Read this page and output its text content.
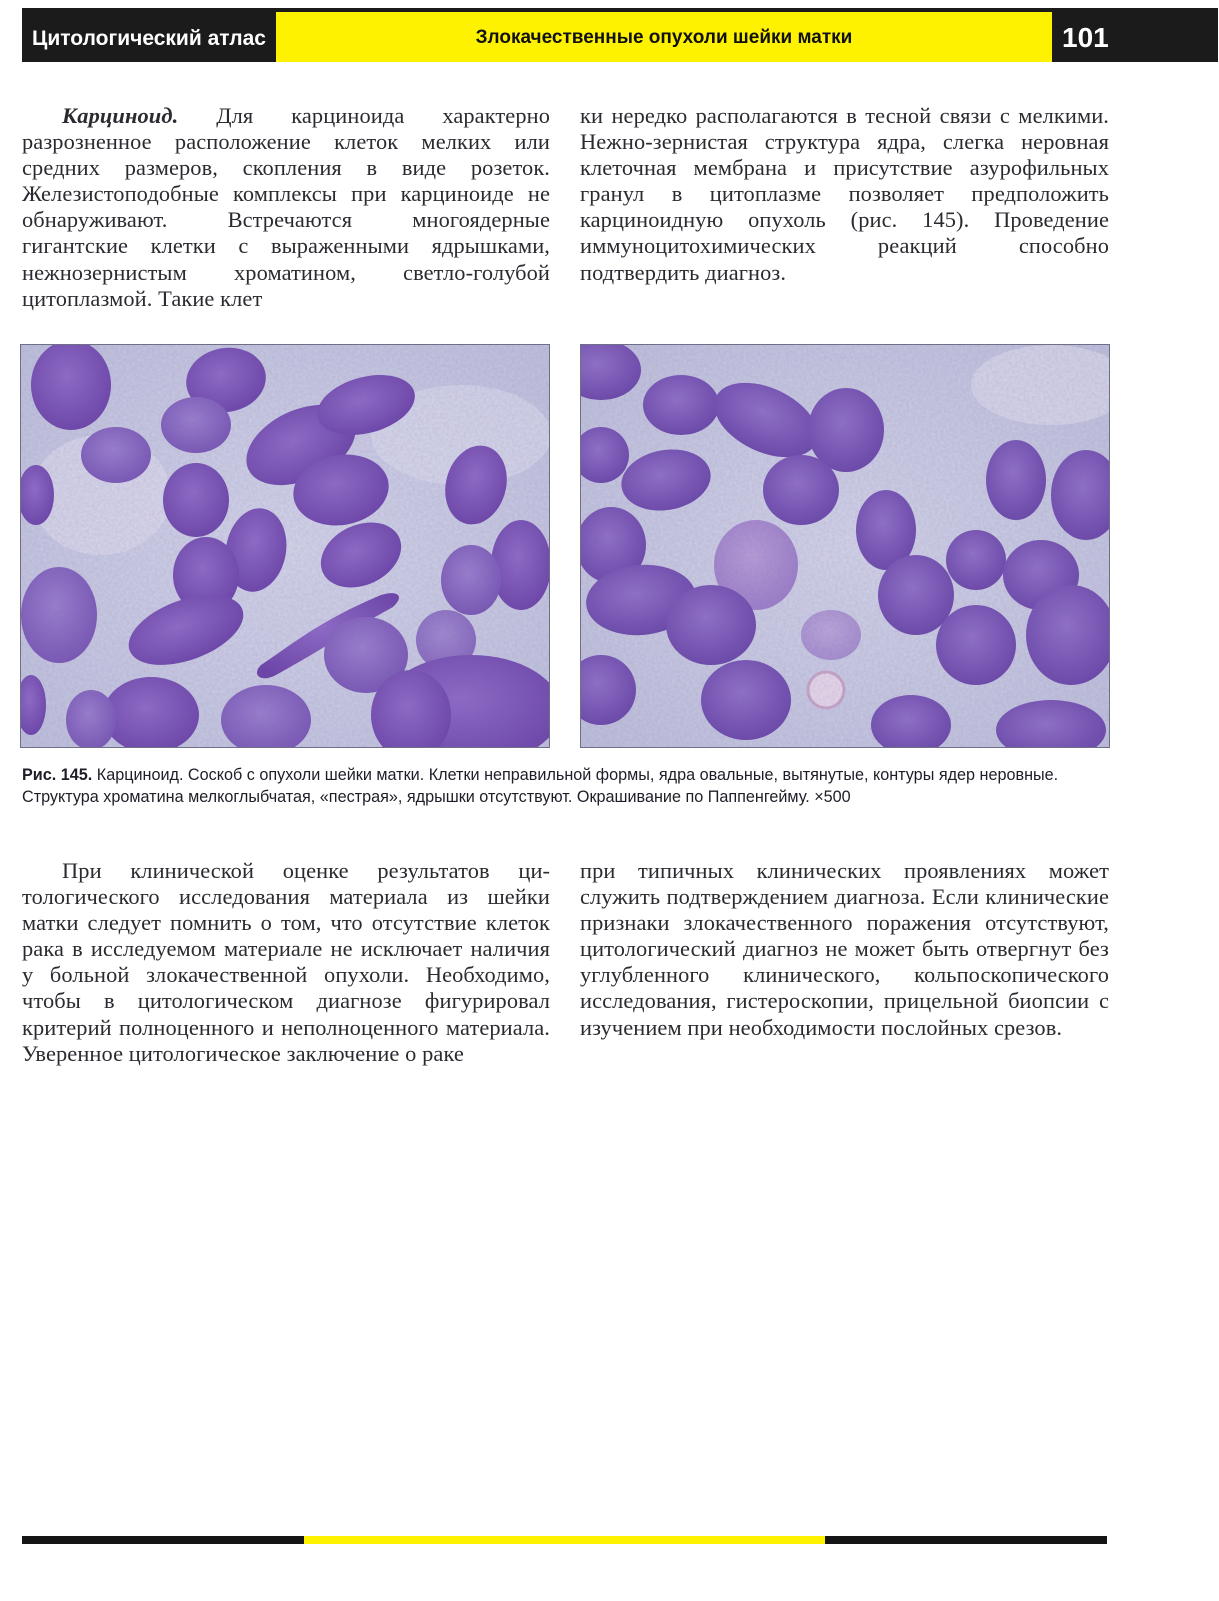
Цитологический атлас	Злокачественные опухоли шейки матки	101

Карциноид. Для карциноида характерно разрозненное расположение клеток мелких или средних размеров, скопления в виде розеток. Железистоподобные комплексы при карциноиде не обнаруживают. Встречаются многоядерные гигантские клетки с выраженными ядрышками, нежнозернистым хроматином, светло-голубой цитоплазмой. Такие клет

ки нередко располагаются в тесной связи с мелкими. Нежно-зернистая структура ядра, слегка неровная клеточная мембрана и присутствие азурофильных гранул в цитоплазме позволяет предположить карциноидную опухоль (рис. 145). Проведение иммуноцитохимических реакций способно подтвердить диагноз.

Рис. 145. Карциноид. Соскоб с опухоли шейки матки. Клетки неправильной формы, ядра овальные, вытянутые, контуры ядер неровные. Структура хроматина мелкоглыбчатая, «пестрая», ядрышки отсутствуют. Окрашивание по Паппенгейму. ×500

При клинической оценке результатов цитологического исследования материала из шейки матки следует помнить о том, что отсутствие клеток рака в исследуемом материале не исключает наличия у больной злокачественной опухоли. Необходимо, чтобы в цитологическом диагнозе фигурировал критерий полноценного и неполноценного материала. Уверенное цитологическое заключение о раке

при типичных клинических проявлениях может служить подтверждением диагноза. Если клинические признаки злокачественного поражения отсутствуют, цитологический диагноз не может быть отвергнут без углубленного клинического, кольпоскопического исследования, гистероскопии, прицельной биопсии с изучением при необходимости послойных срезов.
